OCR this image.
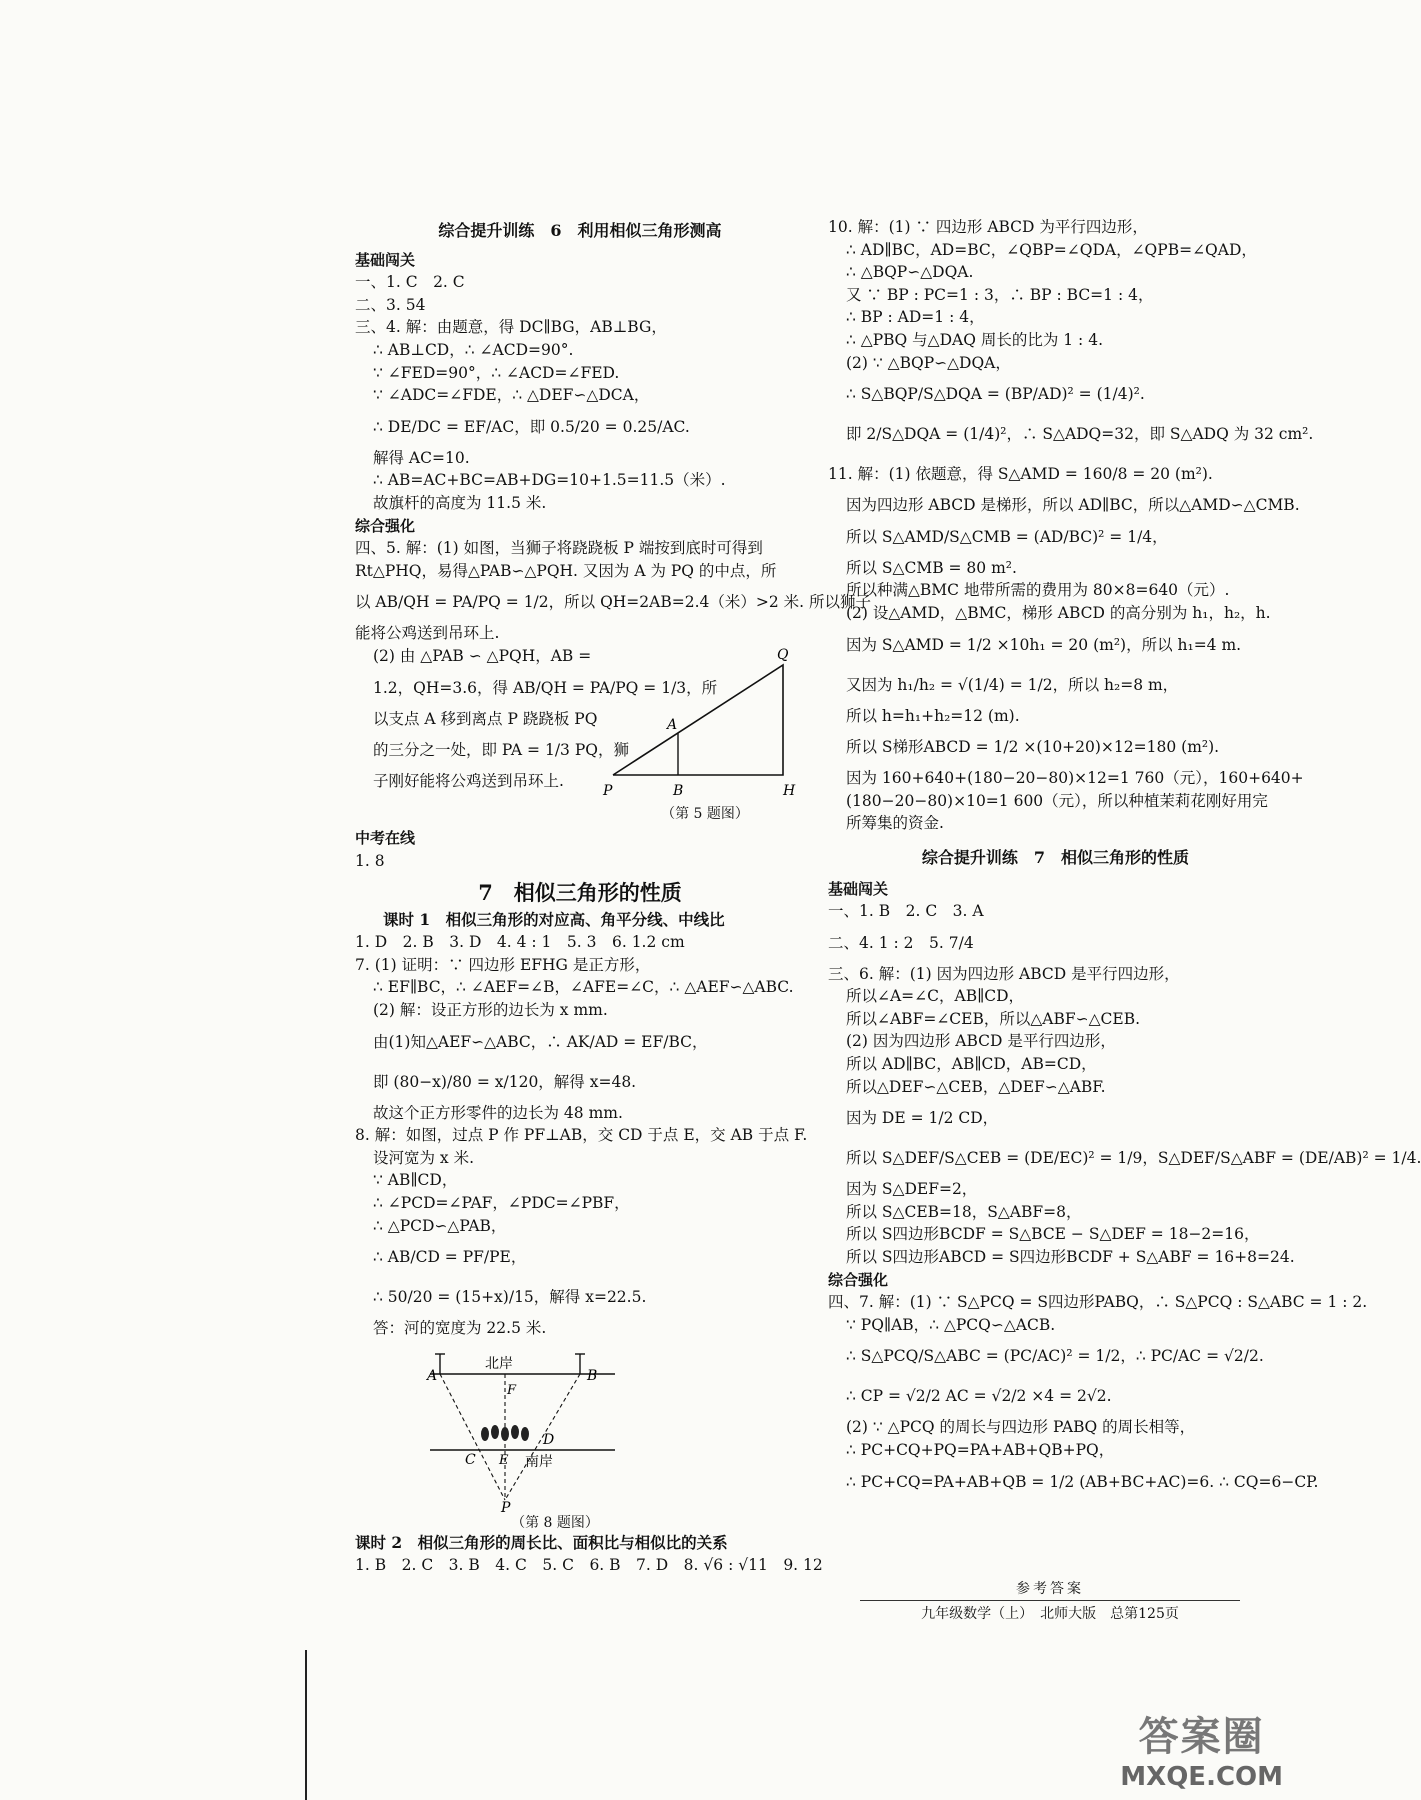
综合提升训练　6　利用相似三角形测高
基础闯关
一、1. C　2. C
二、3. 54
三、4. 解：由题意，得 DC∥BG，AB⊥BG，
∴ AB⊥CD，∴ ∠ACD=90°.
∵ ∠FED=90°，∴ ∠ACD=∠FED.
∵ ∠ADC=∠FDE，∴ △DEF∽△DCA，
∴ DE/DC = EF/AC，即 0.5/20 = 0.25/AC.
解得 AC=10.
∴ AB=AC+BC=AB+DG=10+1.5=11.5（米）.
故旗杆的高度为 11.5 米.
综合强化
四、5. 解：(1) 如图，当狮子将跷跷板 P 端按到底时可得到
Rt△PHQ，易得△PAB∽△PQH. 又因为 A 为 PQ 的中点，所
以 AB/QH = PA/PQ = 1/2，所以 QH=2AB=2.4（米）>2 米. 所以狮子
能将公鸡送到吊环上.
(2) 由 △PAB ∽ △PQH，AB =
1.2，QH=3.6，得 AB/QH = PA/PQ = 1/3，所
以支点 A 移到离点 P 跷跷板 PQ
的三分之一处，即 PA = 1/3 PQ，狮
子刚好能将公鸡送到吊环上.
Q
A
P	B	H
（第 5 题图）
中考在线
1. 8
7　相似三角形的性质
课时 1　相似三角形的对应高、角平分线、中线比
1. D　2. B　3. D　4. 4 : 1　5. 3　6. 1.2 cm
7. (1) 证明：∵ 四边形 EFHG 是正方形，
∴ EF∥BC，∴ ∠AEF=∠B，∠AFE=∠C，∴ △AEF∽△ABC.
(2) 解：设正方形的边长为 x mm.
由(1)知△AEF∽△ABC，∴ AK/AD = EF/BC，
即 (80−x)/80 = x/120，解得 x=48.
故这个正方形零件的边长为 48 mm.
8. 解：如图，过点 P 作 PF⊥AB，交 CD 于点 E，交 AB 于点 F.
设河宽为 x 米.
∵ AB∥CD，
∴ ∠PCD=∠PAF，∠PDC=∠PBF，
∴ △PCD∽△PAB，
∴ AB/CD = PF/PE，
∴ 50/20 = (15+x)/15，解得 x=22.5.
答：河的宽度为 22.5 米.
A	B
F
C E
D
P
北岸
南岸
（第 8 题图）
课时 2　相似三角形的周长比、面积比与相似比的关系
1. B　2. C　3. B　4. C　5. C　6. B　7. D　8. √6 : √11　9. 12
10. 解：(1) ∵ 四边形 ABCD 为平行四边形，
∴ AD∥BC，AD=BC，∠QBP=∠QDA，∠QPB=∠QAD，
∴ △BQP∽△DQA.
又 ∵ BP : PC=1 : 3，∴ BP : BC=1 : 4，
∴ BP : AD=1 : 4，
∴ △PBQ 与△DAQ 周长的比为 1 : 4.
(2) ∵ △BQP∽△DQA，
∴ S△BQP/S△DQA = (BP/AD)² = (1/4)².
即 2/S△DQA = (1/4)²，∴ S△ADQ=32，即 S△ADQ 为 32 cm².
11. 解：(1) 依题意，得 S△AMD = 160/8 = 20 (m²).
因为四边形 ABCD 是梯形，所以 AD∥BC，所以△AMD∽△CMB.
所以 S△AMD/S△CMB = (AD/BC)² = 1/4，
所以 S△CMB = 80 m².
所以种满△BMC 地带所需的费用为 80×8=640（元）.
(2) 设△AMD，△BMC，梯形 ABCD 的高分别为 h₁，h₂，h.
因为 S△AMD = 1/2 ×10h₁ = 20 (m²)，所以 h₁=4 m.
又因为 h₁/h₂ = √(1/4) = 1/2，所以 h₂=8 m，
所以 h=h₁+h₂=12 (m).
所以 S梯形ABCD = 1/2 ×(10+20)×12=180 (m²).
因为 160+640+(180−20−80)×12=1 760（元），160+640+
(180−20−80)×10=1 600（元），所以种植茉莉花刚好用完
所筹集的资金.
综合提升训练　7　相似三角形的性质
基础闯关
一、1. B　2. C　3. A
二、4. 1 : 2　5. 7/4
三、6. 解：(1) 因为四边形 ABCD 是平行四边形，
所以∠A=∠C，AB∥CD，
所以∠ABF=∠CEB，所以△ABF∽△CEB.
(2) 因为四边形 ABCD 是平行四边形，
所以 AD∥BC，AB∥CD，AB=CD，
所以△DEF∽△CEB，△DEF∽△ABF.
因为 DE = 1/2 CD，
所以 S△DEF/S△CEB = (DE/EC)² = 1/9，S△DEF/S△ABF = (DE/AB)² = 1/4.
因为 S△DEF=2，
所以 S△CEB=18，S△ABF=8，
所以 S四边形BCDF = S△BCE − S△DEF = 18−2=16，
所以 S四边形ABCD = S四边形BCDF + S△ABF = 16+8=24.
综合强化
四、7. 解：(1) ∵ S△PCQ = S四边形PABQ，∴ S△PCQ : S△ABC = 1 : 2.
∵ PQ∥AB，∴ △PCQ∽△ACB.
∴ S△PCQ/S△ABC = (PC/AC)² = 1/2，∴ PC/AC = √2/2.
∴ CP = √2/2 AC = √2/2 ×4 = 2√2.
(2) ∵ △PCQ 的周长与四边形 PABQ 的周长相等，
∴ PC+CQ+PQ=PA+AB+QB+PQ，
∴ PC+CQ=PA+AB+QB = 1/2 (AB+BC+AC)=6. ∴ CQ=6−CP.
参考答案
九年级数学（上）　北师大版　总第125页
答案圈
MXQE.COM
